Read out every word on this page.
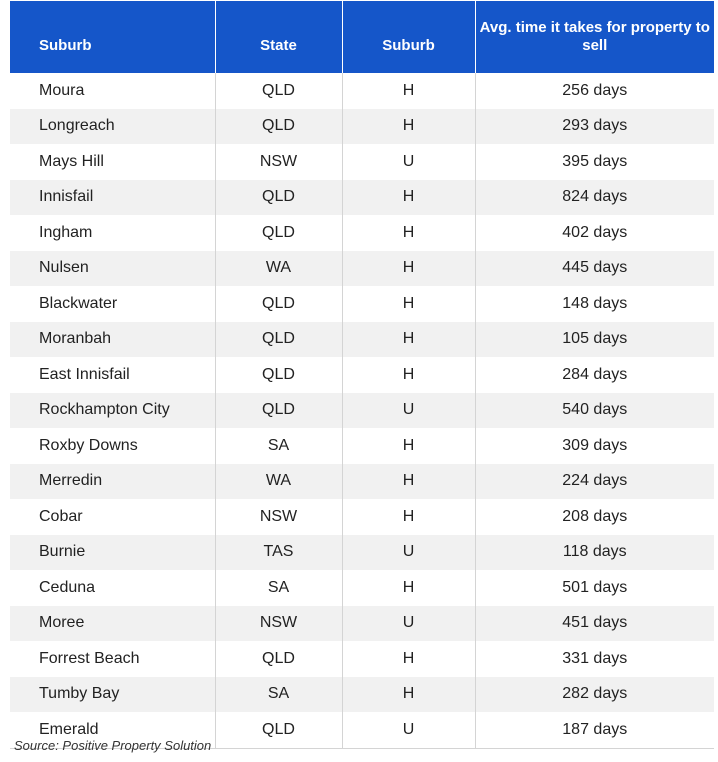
Suburb	State	Suburb	Avg. time it takes for property to sell
Moura	QLD	H	256 days
Longreach	QLD	H	293 days
Mays Hill	NSW	U	395 days
Innisfail	QLD	H	824 days
Ingham	QLD	H	402 days
Nulsen	WA	H	445 days
Blackwater	QLD	H	148 days
Moranbah	QLD	H	105 days
East Innisfail	QLD	H	284 days
Rockhampton City	QLD	U	540 days
Roxby Downs	SA	H	309 days
Merredin	WA	H	224 days
Cobar	NSW	H	208 days
Burnie	TAS	U	118 days
Ceduna	SA	H	501 days
Moree	NSW	U	451 days
Forrest Beach	QLD	H	331 days
Tumby Bay	SA	H	282 days
Emerald	QLD	U	187 days
Source: Positive Property Solution
